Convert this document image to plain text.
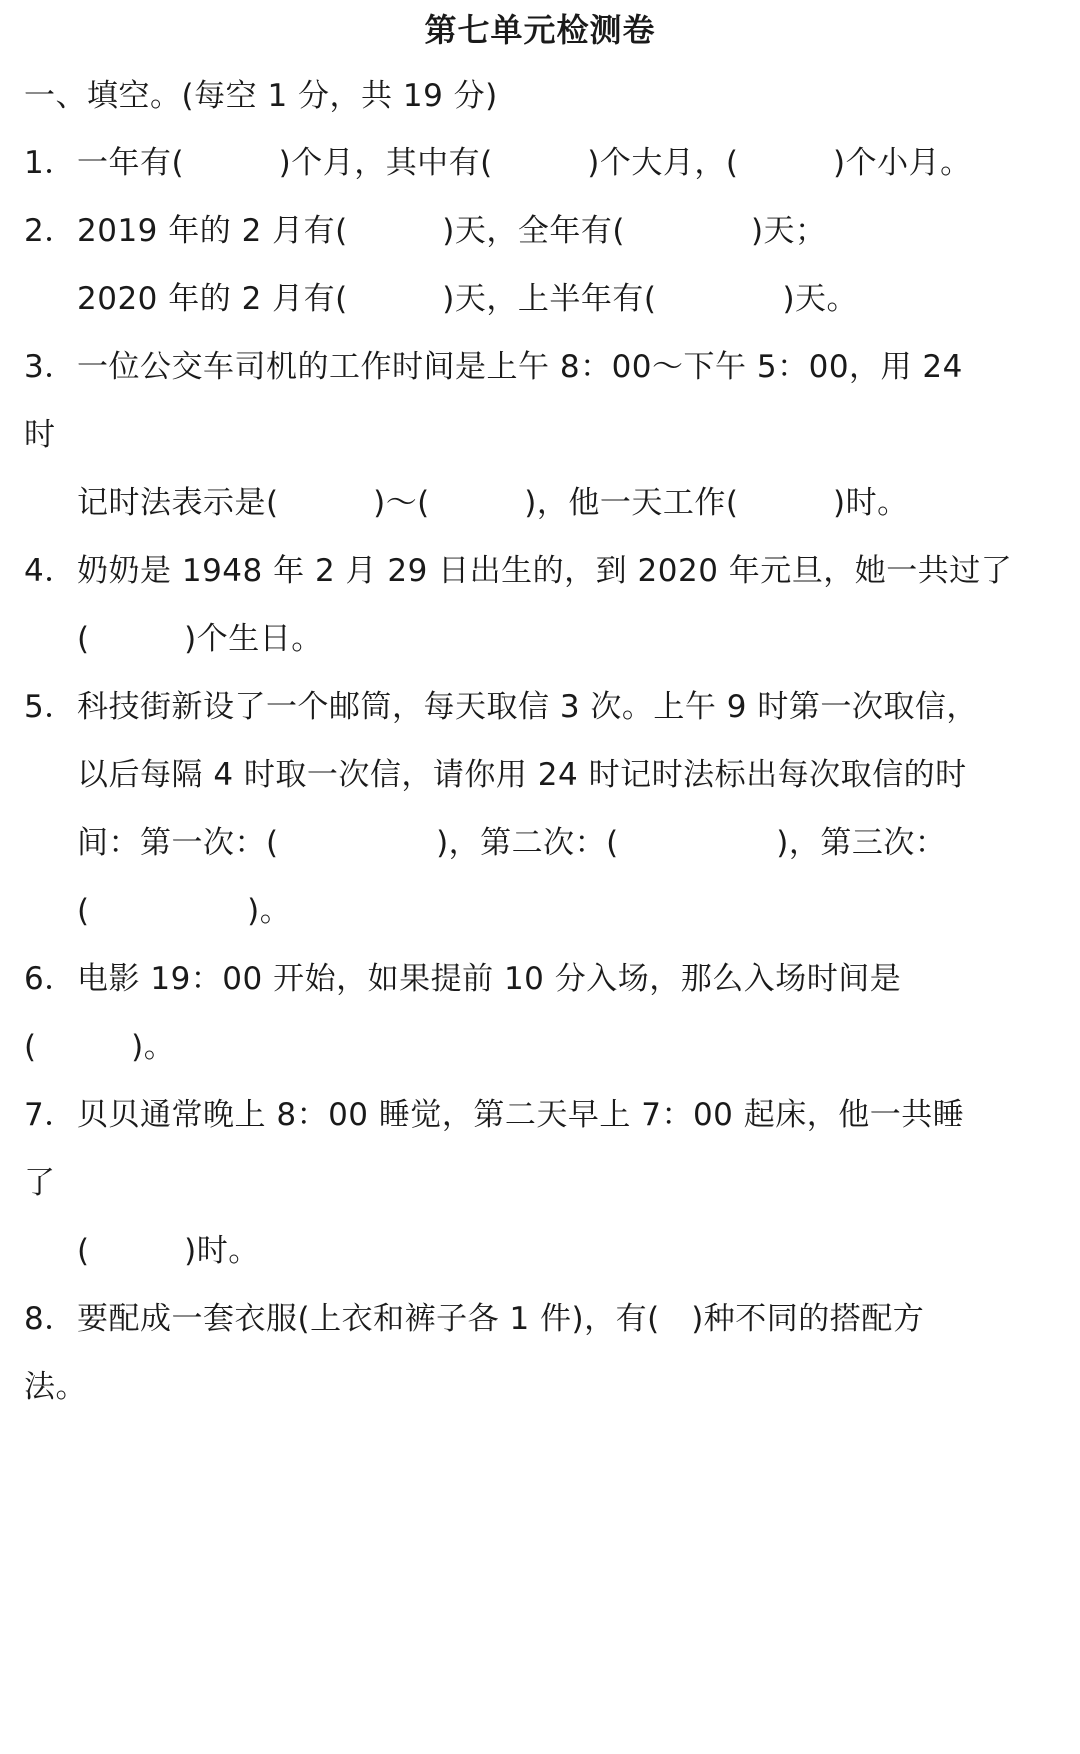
第七单元检测卷
一、填空。(每空 1 分，共 19 分)
1． 一年有(　　　)个月，其中有(　　　)个大月，(　　　)个小月。
2． 2019 年的 2 月有(　　　)天，全年有(　　　　)天；
2020 年的 2 月有(　　　)天，上半年有(　　　　)天。
3． 一位公交车司机的工作时间是上午 8：00～下午 5：00，用 24
时
记时法表示是(　　　)～(　　　)，他一天工作(　　　)时。
4． 奶奶是 1948 年 2 月 29 日出生的，到 2020 年元旦，她一共过了
(　　　)个生日。
5． 科技街新设了一个邮筒，每天取信 3 次。上午 9 时第一次取信，
以后每隔 4 时取一次信，请你用 24 时记时法标出每次取信的时
间：第一次：(　　　　　)，第二次：(　　　　　)，第三次：
(　　　　　)。
6． 电影 19：00 开始，如果提前 10 分入场，那么入场时间是
(　　　)。
7． 贝贝通常晚上 8：00 睡觉，第二天早上 7：00 起床，他一共睡
了
(　　　)时。
8． 要配成一套衣服(上衣和裤子各 1 件)，有(　)种不同的搭配方
法。
